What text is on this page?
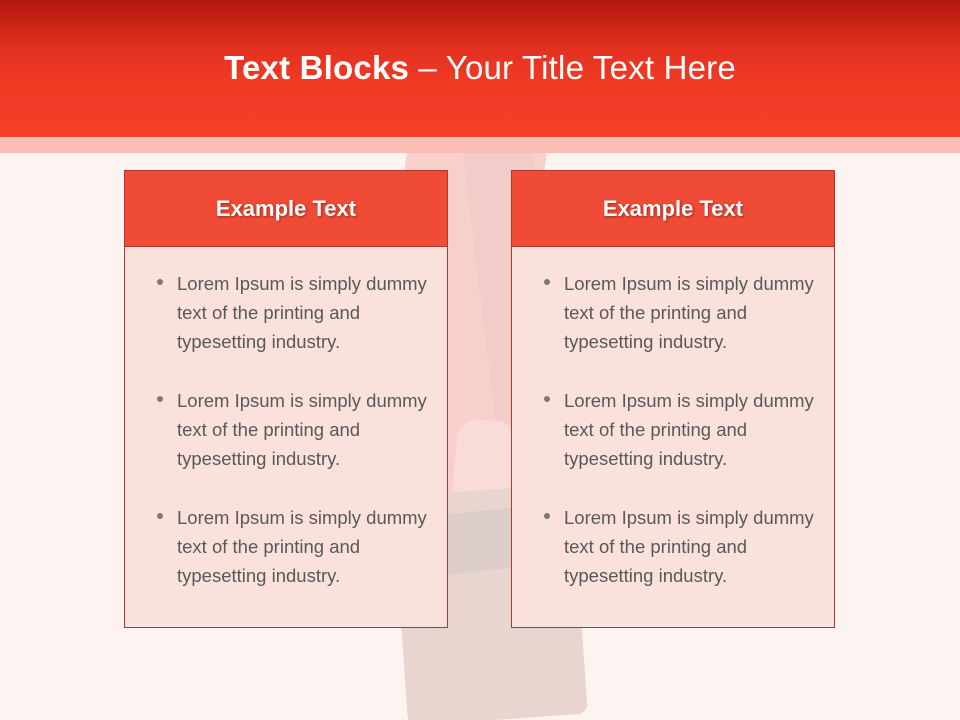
Text Blocks – Your Title Text Here
Example Text
Lorem Ipsum is simply dummy text of the printing and typesetting industry.
Lorem Ipsum is simply dummy text of the printing and typesetting industry.
Lorem Ipsum is simply dummy text of the printing and typesetting industry.
Example Text
Lorem Ipsum is simply dummy text of the printing and typesetting industry.
Lorem Ipsum is simply dummy text of the printing and typesetting industry.
Lorem Ipsum is simply dummy text of the printing and typesetting industry.
